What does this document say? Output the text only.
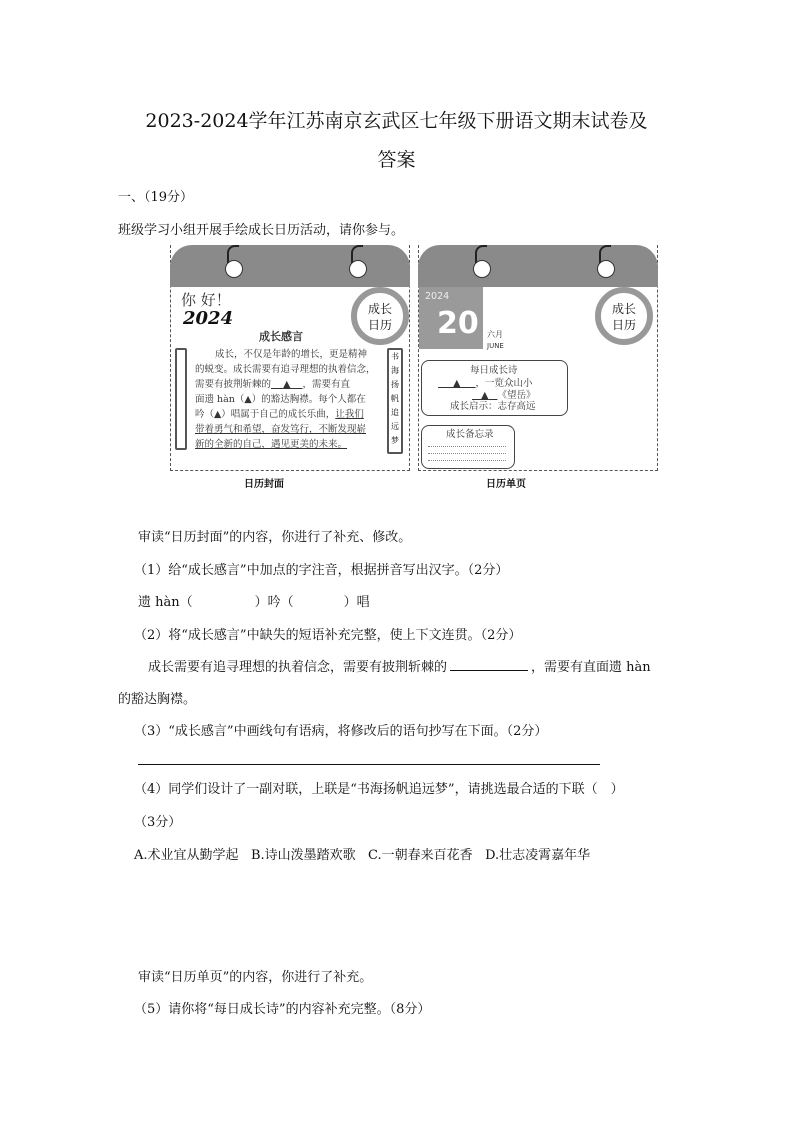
2023-2024学年江苏南京玄武区七年级下册语文期末试卷及
答案
一、（19分）
班级学习小组开展手绘成长日历活动，请你参与。
你 好！
2024	成长
日历
成长感言
书海扬帆追远梦
成长，不仅是年龄的增长，更是精神
的蜕变。成长需要有追寻理想的执着信念，
需要有披荆斩棘的 ▲ ，需要有直
面遗 hàn（▲）的豁达胸襟。每个人都在
吟（▲）唱属于自己的成长乐曲，让我们
带着勇气和希望，奋发笃行，不断发现崭
新的全新的自己，遇见更美的未来。
日历封面
2024
20 六月
JUNE
成长
日历
每日成长诗
▲ ，一览众山小
▲ 《望岳》
成长启示：志存高远
成长备忘录
日历单页
审读“日历封面”的内容，你进行了补充、修改。
（1）给“成长感言”中加点的字注音，根据拼音写出汉字。（2分）
遗 hàn（	）吟（	）唱
（2）将“成长感言”中缺失的短语补充完整，使上下文连贯。（2分）
成长需要有追寻理想的执着信念，需要有披荆斩棘的	，需要有直面遗 hàn
的豁达胸襟。
（3）“成长感言”中画线句有语病，将修改后的语句抄写在下面。（2分）
（4）同学们设计了一副对联，上联是“书海扬帆追远梦”，请挑选最合适的下联（　）
（3分）
A.术业宜从勤学起 B.诗山泼墨踏欢歌 C.一朝春来百花香 D.壮志凌霄嘉年华
审读“日历单页”的内容，你进行了补充。
（5）请你将“每日成长诗”的内容补充完整。（8分）
